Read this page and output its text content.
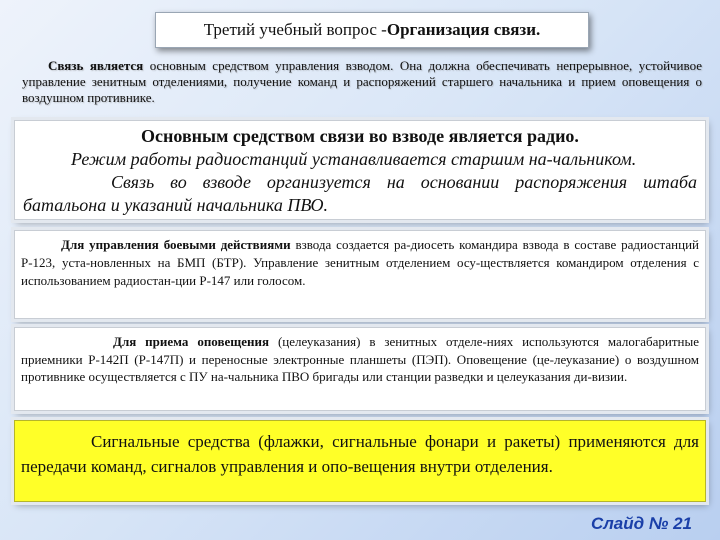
Третий учебный вопрос - Организация связи.
Связь является основным средством управления взводом. Она должна обеспечивать непрерывное, устойчивое управление зенитным отделениями, получение команд и распоряжений старшего начальника и прием оповещения о воздушном противнике.
Основным средством связи во взводе является радио.
Режим работы радиостанций устанавливается старшим на-чальником.
Связь во взводе организуется на основании распоряжения штаба батальона и указаний начальника ПВО.
Для управления боевыми действиями взвода создается ра-диосеть командира взвода в составе радиостанций Р-123, уста-новленных на БМП (БТР). Управление зенитным отделением осу-ществляется командиром отделения с использованием радиостан-ции Р-147 или голосом.
Для приема оповещения (целеуказания) в зенитных отделе-ниях используются малогабаритные приемники Р-142П (Р-147П) и переносные электронные планшеты (ПЭП). Оповещение (це-леуказание) о воздушном противнике осуществляется с ПУ на-чальника ПВО бригады или станции разведки и целеуказания ди-визии.
Сигнальные средства (флажки, сигнальные фонари и ракеты) применяются для передачи команд, сигналов управления и опо-вещения внутри отделения.
Слайд № 21
